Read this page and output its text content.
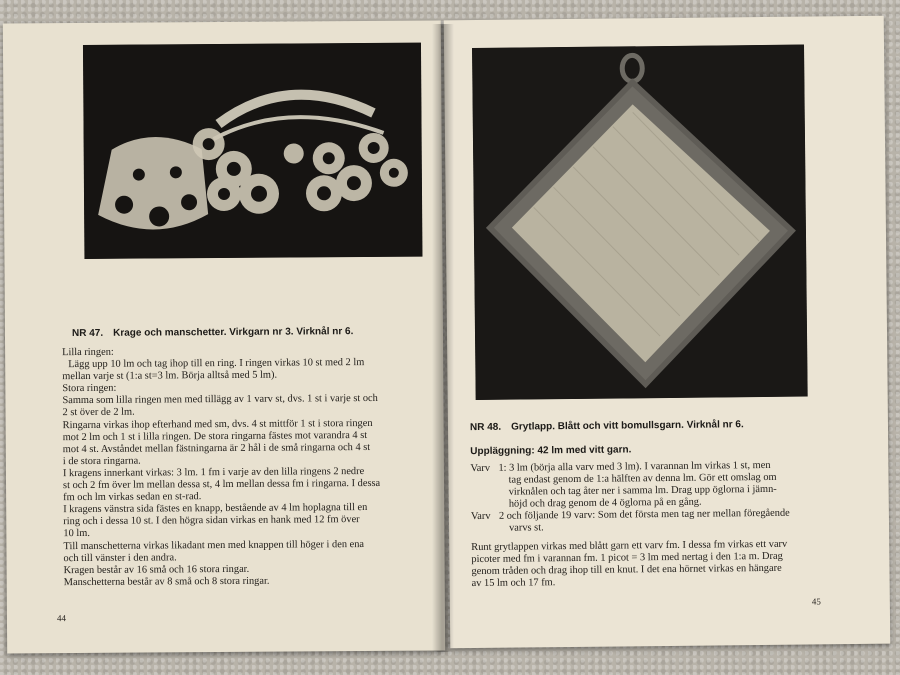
NR 47. Krage och manschetter. Virkgarn nr 3. Virknål nr 6.

Lilla ringen:

Lägg upp 10 lm och tag ihop till en ring. I ringen virkas 10 st med 2 lm

mellan varje st (1:a st=3 lm. Börja alltså med 5 lm).

Stora ringen:

Samma som lilla ringen men med tillägg av 1 varv st, dvs. 1 st i varje st och

2 st över de 2 lm.

Ringarna virkas ihop efterhand med sm, dvs. 4 st mittför 1 st i stora ringen

mot 2 lm och 1 st i lilla ringen. De stora ringarna fästes mot varandra 4 st

mot 4 st. Avståndet mellan fästningarna är 2 hål i de små ringarna och 4 st

i de stora ringarna.

I kragens innerkant virkas: 3 lm. 1 fm i varje av den lilla ringens 2 nedre

st och 2 fm över lm mellan dessa st, 4 lm mellan dessa fm i ringarna. I dessa

fm och lm virkas sedan en st-rad.

I kragens vänstra sida fästes en knapp, bestående av 4 lm hoplagna till en

ring och i dessa 10 st. I den högra sidan virkas en hank med 12 fm över

10 lm.

Till manschetterna virkas likadant men med knappen till höger i den ena

och till vänster i den andra.

Kragen består av 16 små och 16 stora ringar.

Manschetterna består av 8 små och 8 stora ringar.

44
NR 48. Grytlapp. Blått och vitt bomullsgarn. Virknål nr 6.
Uppläggning: 42 lm med vitt garn.
Varv 1: 3 lm (börja alla varv med 3 lm). I varannan lm virkas 1 st, men
tag endast genom de 1:a hälften av denna lm. Gör ett omslag om
virknålen och tag åter ner i samma lm. Drag upp öglorna i jämn-
höjd och drag genom de 4 öglorna på en gång.
Varv 2 och följande 19 varv: Som det första men tag ner mellan föregående
varvs st.

Runt grytlappen virkas med blått garn ett varv fm. I dessa fm virkas ett varv

picoter med fm i varannan fm. 1 picot = 3 lm med nertag i den 1:a m. Drag

genom tråden och drag ihop till en knut. I det ena hörnet virkas en hängare

av 15 lm och 17 fm.

45
